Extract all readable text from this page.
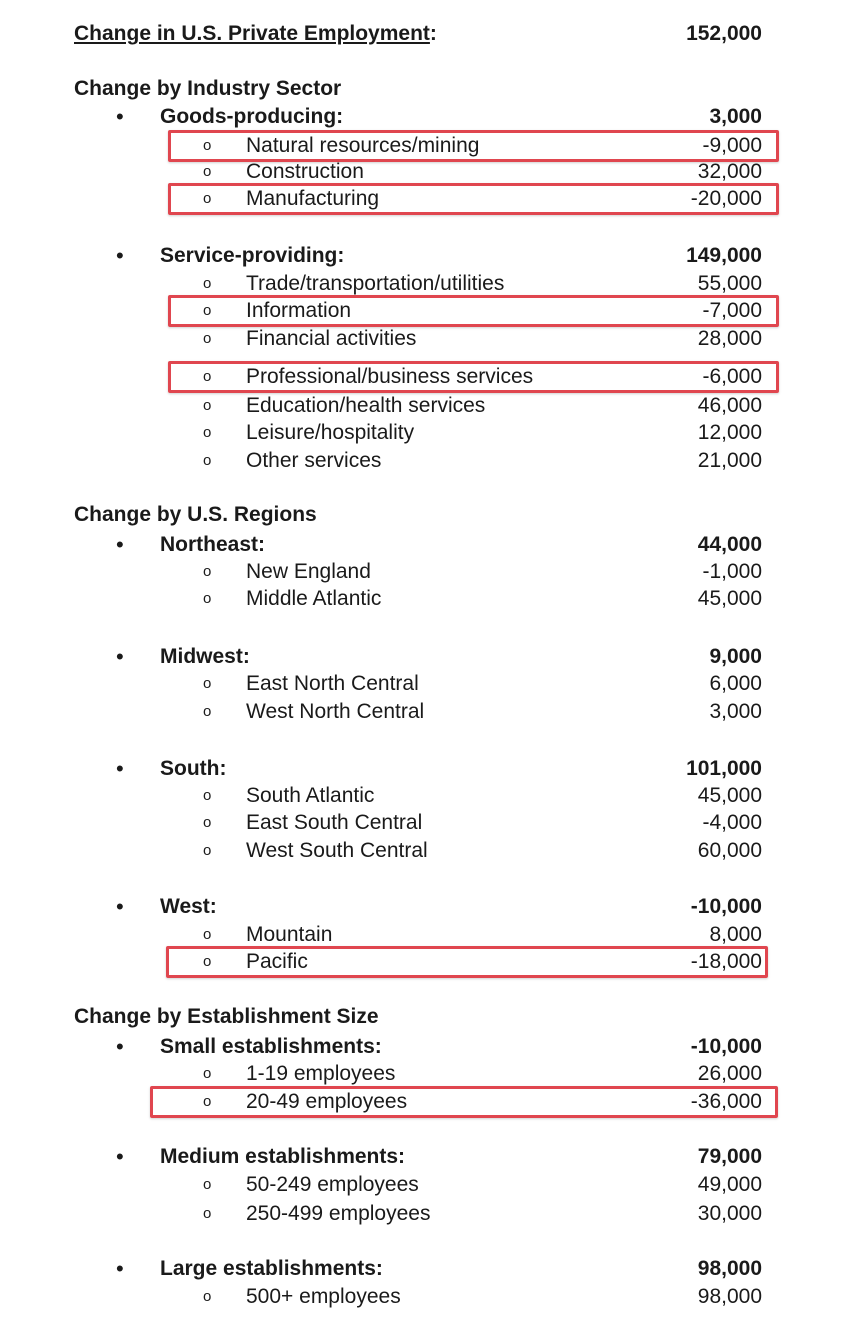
Change in U.S. Private Employment:	152,000
Change by Industry Sector
• Goods-producing:	3,000
o Natural resources/mining	-9,000
o Construction	32,000
o Manufacturing	-20,000
• Service-providing:	149,000
o Trade/transportation/utilities	55,000
o Information	-7,000
o Financial activities	28,000
o Professional/business services	-6,000
o Education/health services	46,000
o Leisure/hospitality	12,000
o Other services	21,000
Change by U.S. Regions
• Northeast:	44,000
o New England	-1,000
o Middle Atlantic	45,000
• Midwest:	9,000
o East North Central	6,000
o West North Central	3,000
• South:	101,000
o South Atlantic	45,000
o East South Central	-4,000
o West South Central	60,000
• West:	-10,000
o Mountain	8,000
o Pacific	-18,000
Change by Establishment Size
• Small establishments:	-10,000
o 1-19 employees	26,000
o 20-49 employees	-36,000
• Medium establishments:	79,000
o 50-249 employees	49,000
o 250-499 employees	30,000
• Large establishments:	98,000
o 500+ employees	98,000
